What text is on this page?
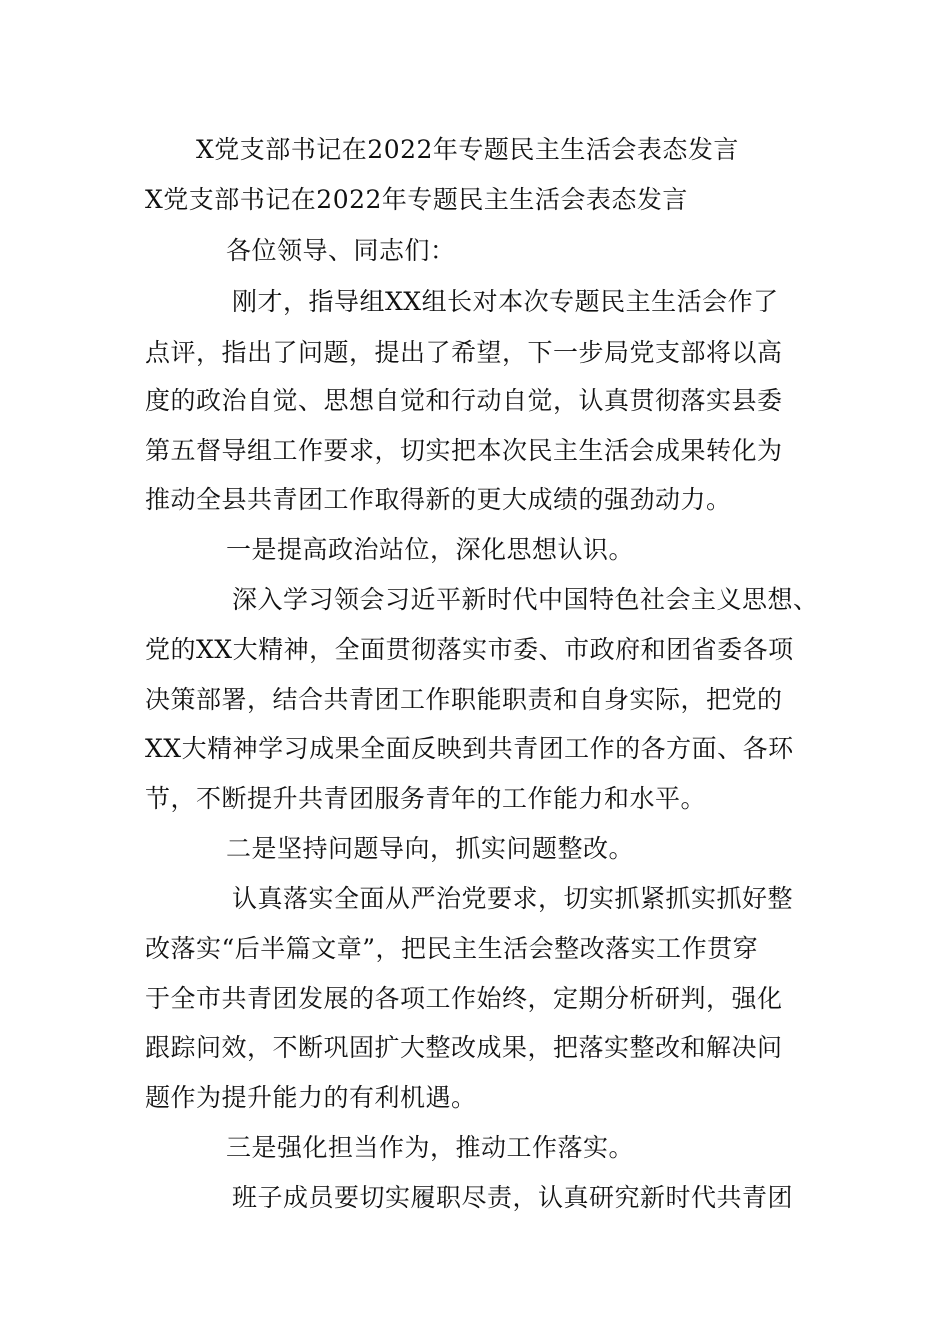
X党支部书记在2022年专题民主生活会表态发言
X党支部书记在2022年专题民主生活会表态发言
各位领导、同志们：
刚才，指导组XX组长对本次专题民主生活会作了
点评，指出了问题，提出了希望，下一步局党支部将以高
度的政治自觉、思想自觉和行动自觉，认真贯彻落实县委
第五督导组工作要求，切实把本次民主生活会成果转化为
推动全县共青团工作取得新的更大成绩的强劲动力。
一是提高政治站位，深化思想认识。
深入学习领会习近平新时代中国特色社会主义思想、
党的XX大精神，全面贯彻落实市委、市政府和团省委各项
决策部署，结合共青团工作职能职责和自身实际，把党的
XX大精神学习成果全面反映到共青团工作的各方面、各环
节，不断提升共青团服务青年的工作能力和水平。
二是坚持问题导向，抓实问题整改。
认真落实全面从严治党要求，切实抓紧抓实抓好整
改落实“后半篇文章”，把民主生活会整改落实工作贯穿
于全市共青团发展的各项工作始终，定期分析研判，强化
跟踪问效，不断巩固扩大整改成果，把落实整改和解决问
题作为提升能力的有利机遇。
三是强化担当作为，推动工作落实。
班子成员要切实履职尽责，认真研究新时代共青团
